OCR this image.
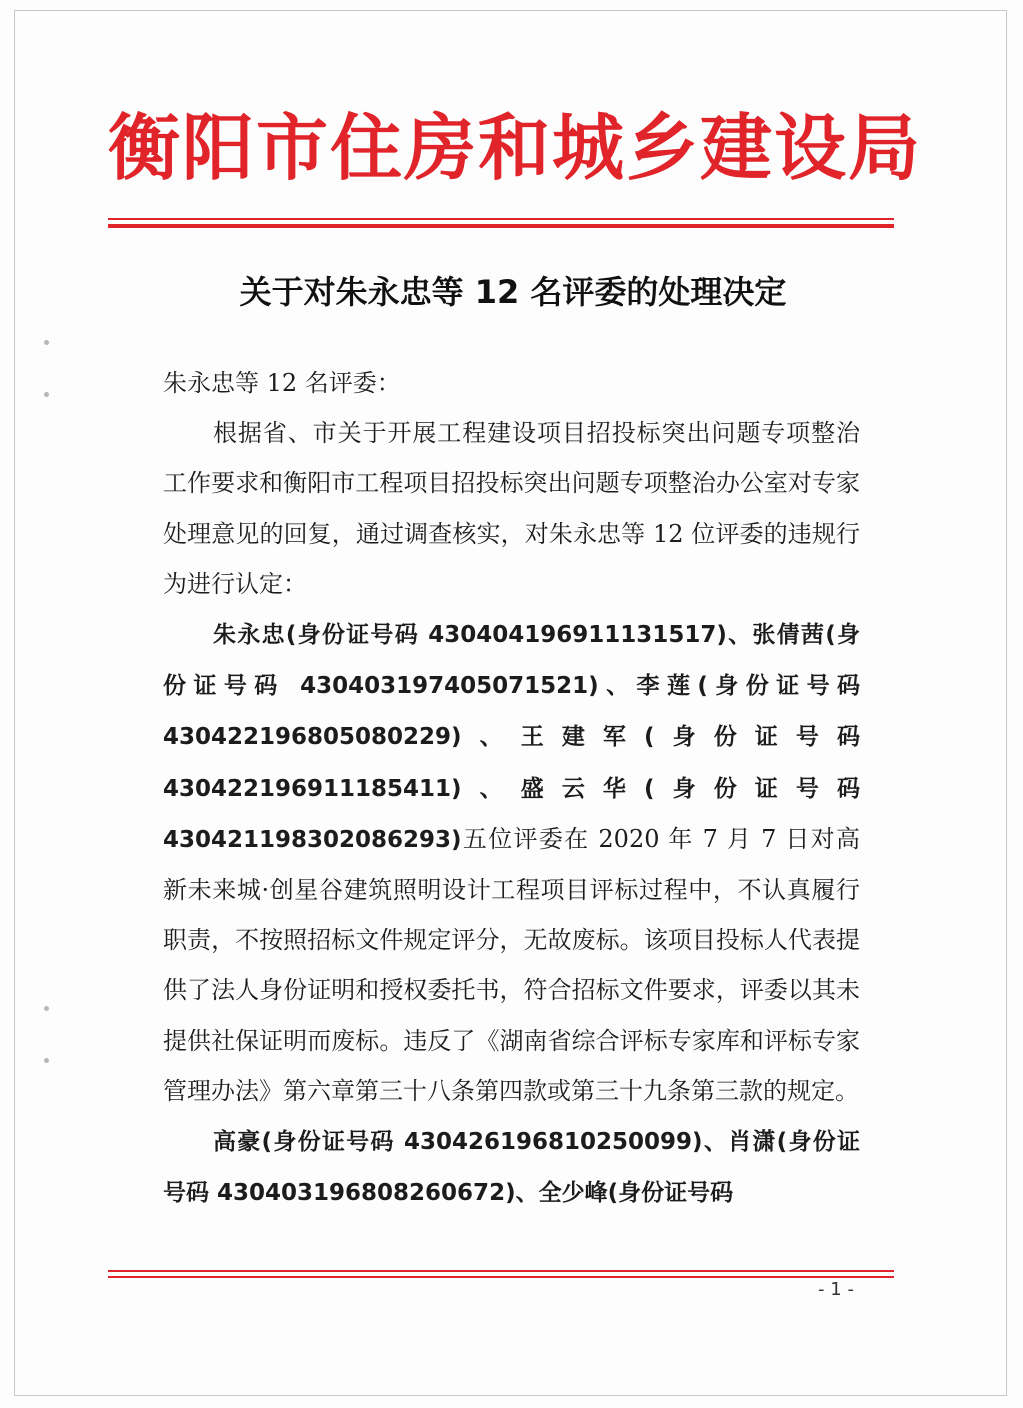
衡阳市住房和城乡建设局
关于对朱永忠等 12 名评委的处理决定

朱永忠等 12 名评委：

根据省、市关于开展工程建设项目招投标突出问题专项整治工作要求和衡阳市工程项目招投标突出问题专项整治办公室对专家处理意见的回复，通过调查核实，对朱永忠等 12 位评委的违规行为进行认定：

朱永忠(身份证号码 430404196911131517)、张倩茜(身份证号码 430403197405071521)、李莲(身份证号码 430422196805080229)、王建军(身份证号码 430422196911185411)、盛云华(身份证号码 430421198302086293)五位评委在 2020 年 7 月 7 日对高新未来城·创星谷建筑照明设计工程项目评标过程中，不认真履行职责，不按照招标文件规定评分，无故废标。该项目投标人代表提供了法人身份证明和授权委托书，符合招标文件要求，评委以其未提供社保证明而废标。违反了《湖南省综合评标专家库和评标专家管理办法》第六章第三十八条第四款或第三十九条第三款的规定。

高豪(身份证号码 430426196810250099)、肖潇(身份证号码 430403196808260672)、全少峰(身份证号码

- 1 -
